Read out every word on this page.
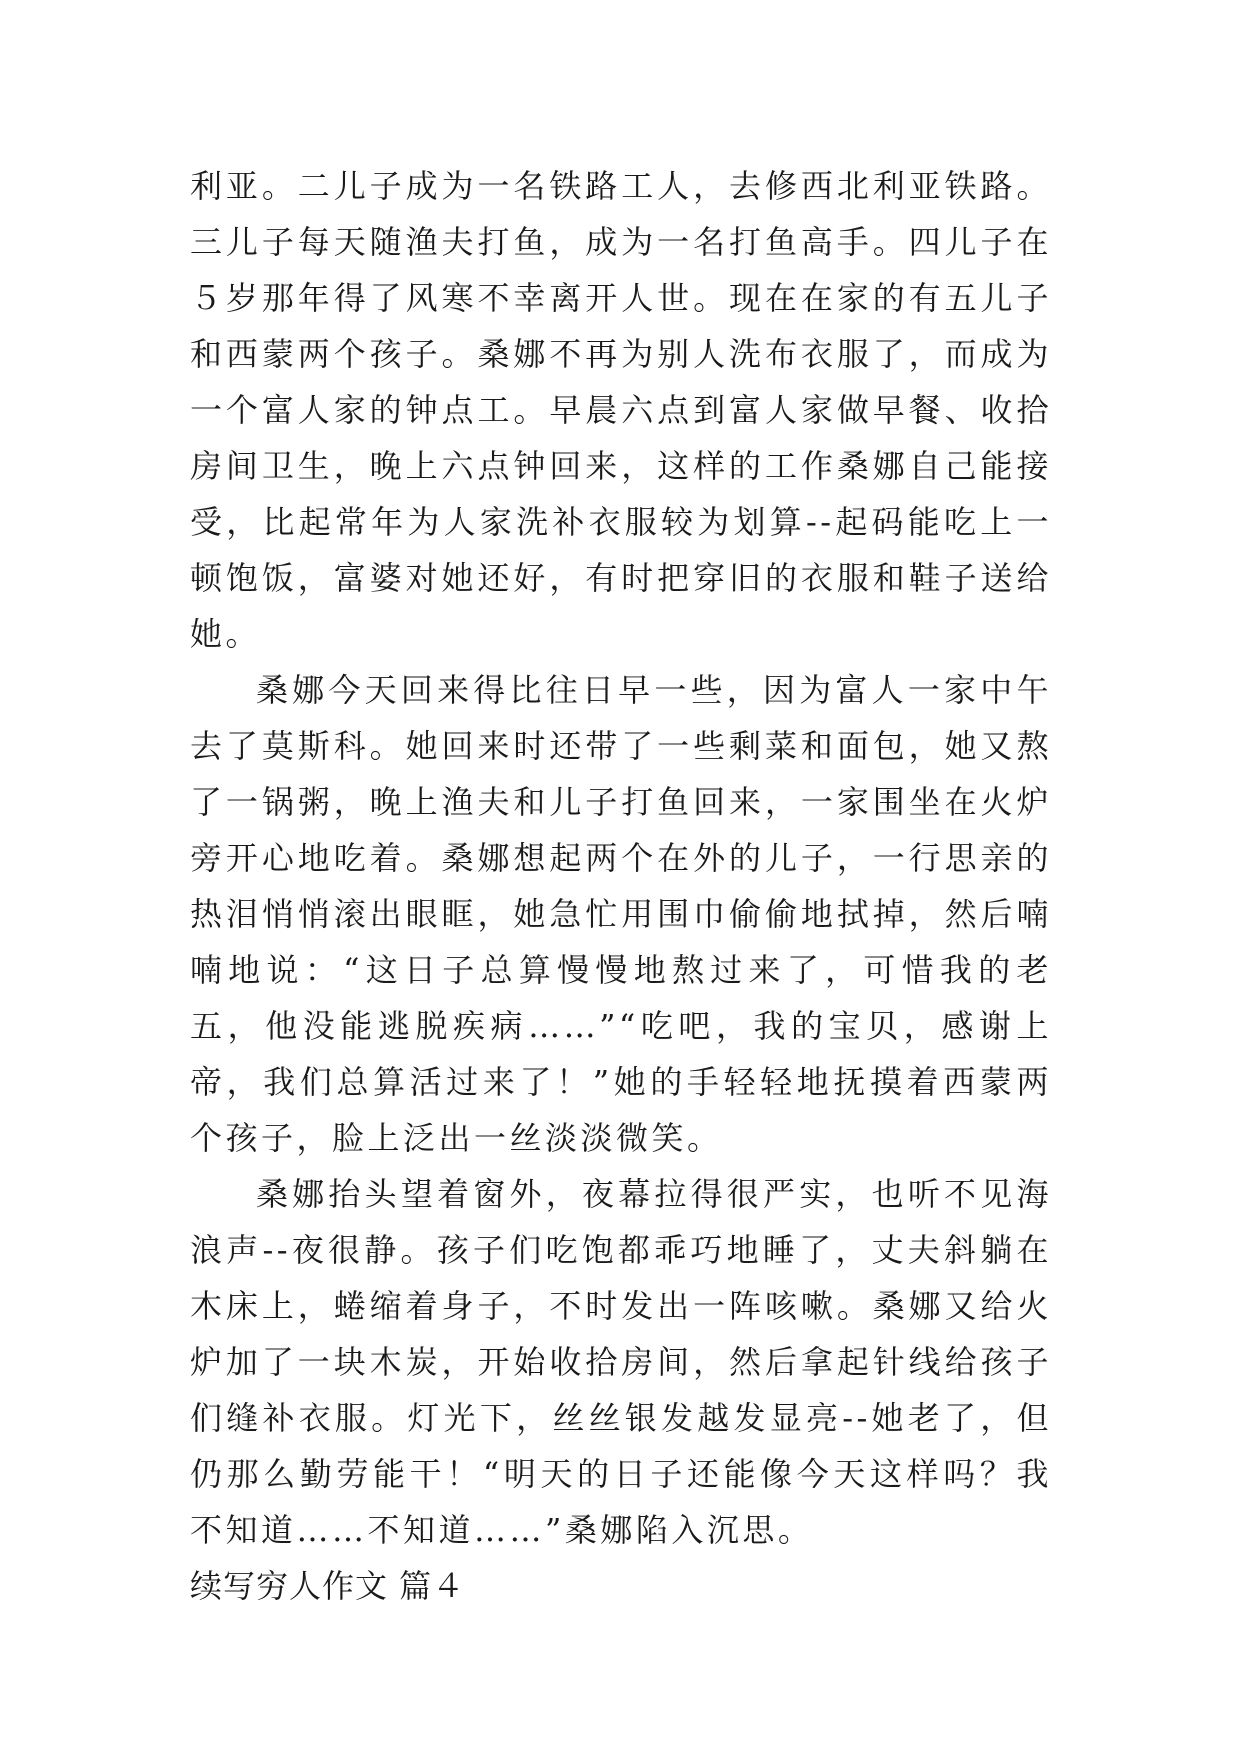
利亚。二儿子成为一名铁路工人，去修西北利亚铁路。三儿子每天随渔夫打鱼，成为一名打鱼高手。四儿子在５岁那年得了风寒不幸离开人世。现在在家的有五儿子和西蒙两个孩子。桑娜不再为别人洗布衣服了，而成为一个富人家的钟点工。早晨六点到富人家做早餐、收拾房间卫生，晚上六点钟回来，这样的工作桑娜自己能接受，比起常年为人家洗补衣服较为划算--起码能吃上一顿饱饭，富婆对她还好，有时把穿旧的衣服和鞋子送给她。

桑娜今天回来得比往日早一些，因为富人一家中午去了莫斯科。她回来时还带了一些剩菜和面包，她又熬了一锅粥，晚上渔夫和儿子打鱼回来，一家围坐在火炉旁开心地吃着。桑娜想起两个在外的儿子，一行思亲的热泪悄悄滚出眼眶，她急忙用围巾偷偷地拭掉，然后喃喃地说：“这日子总算慢慢地熬过来了，可惜我的老五，他没能逃脱疾病……”“吃吧，我的宝贝，感谢上帝，我们总算活过来了！”她的手轻轻地抚摸着西蒙两个孩子，脸上泛出一丝淡淡微笑。

桑娜抬头望着窗外，夜幕拉得很严实，也听不见海浪声--夜很静。孩子们吃饱都乖巧地睡了，丈夫斜躺在木床上，蜷缩着身子，不时发出一阵咳嗽。桑娜又给火炉加了一块木炭，开始收拾房间，然后拿起针线给孩子们缝补衣服。灯光下，丝丝银发越发显亮--她老了，但仍那么勤劳能干！“明天的日子还能像今天这样吗？我不知道……不知道……”桑娜陷入沉思。

续写穷人作文 篇４
